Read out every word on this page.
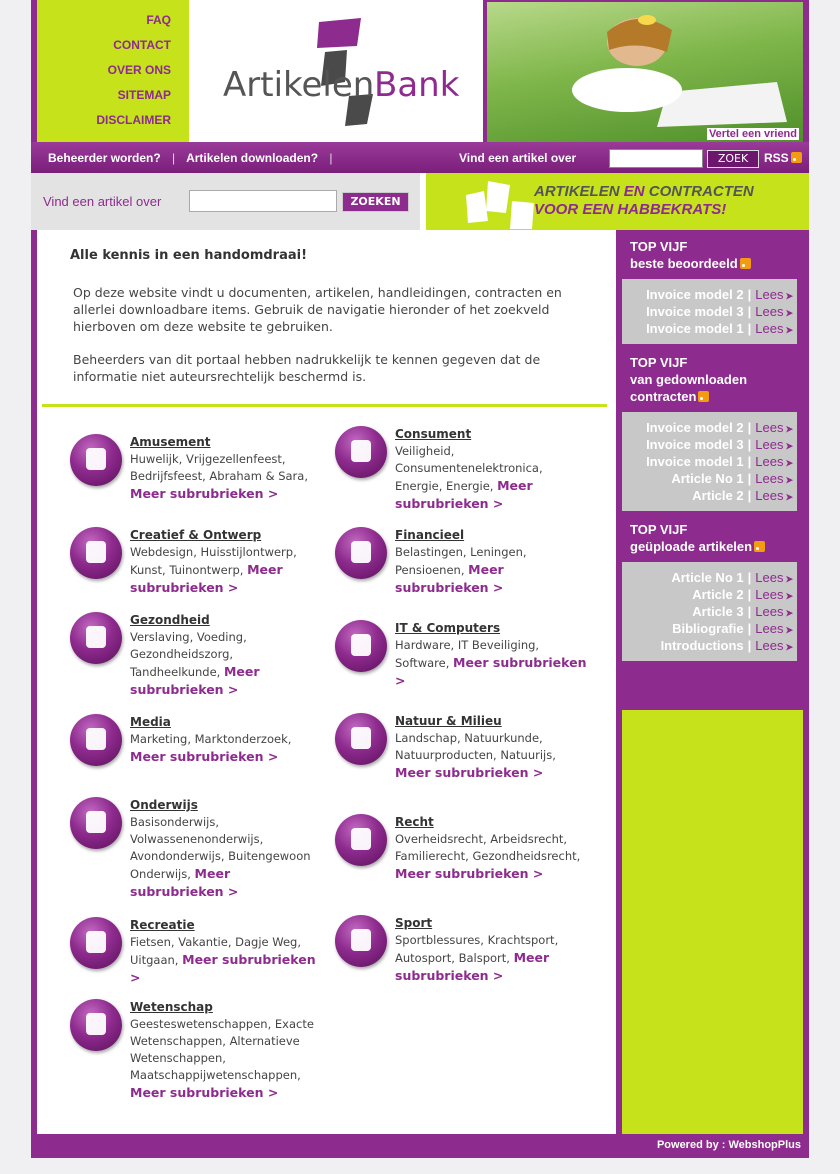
FAQ
CONTACT
OVER ONS
SITEMAP
DISCLAIMER
Artikelen Bank
Vertel een vriend
Beheerder worden? | Artikelen downloaden? |	Vind een artikel over	ZOEK	RSS
Vind een artikel over	ZOEKEN
ARTIKELEN EN CONTRACTEN
VOOR EEN HABBEKRATS!
Alle kennis in een handomdraai!

Op deze website vindt u documenten, artikelen, handleidingen, contracten en allerlei downloadbare items. Gebruik de navigatie hieronder of het zoekveld hierboven om deze website te gebruiken.

Beheerders van dit portaal hebben nadrukkelijk te kennen gegeven dat de informatie niet auteursrechtelijk beschermd is.

Amusement
Huwelijk, Vrijgezellenfeest, Bedrijfsfeest, Abraham & Sara, Meer subrubrieken >
Consument
Veiligheid, Consumentenelektronica, Energie, Energie, Meer subrubrieken >
Creatief & Ontwerp
Webdesign, Huisstijlontwerp, Kunst, Tuinontwerp, Meer subrubrieken >
Financieel
Belastingen, Leningen, Pensioenen, Meer subrubrieken >
Gezondheid
Verslaving, Voeding, Gezondheidszorg, Tandheelkunde, Meer subrubrieken >
IT & Computers
Hardware, IT Beveiliging, Software, Meer subrubrieken >
Media
Marketing, Marktonderzoek, Meer subrubrieken >
Natuur & Milieu
Landschap, Natuurkunde, Natuurproducten, Natuurijs, Meer subrubrieken >
Onderwijs
Basisonderwijs, Volwassenenonderwijs, Avondonderwijs, Buitengewoon Onderwijs, Meer subrubrieken >
Recht
Overheidsrecht, Arbeidsrecht, Familierecht, Gezondheidsrecht, Meer subrubrieken >
Recreatie
Fietsen, Vakantie, Dagje Weg, Uitgaan, Meer subrubrieken >
Sport
Sportblessures, Krachtsport, Autosport, Balsport, Meer subrubrieken >
Wetenschap
Geesteswetenschappen, Exacte Wetenschappen, Alternatieve Wetenschappen, Maatschappijwetenschappen, Meer subrubrieken >
TOP VIJF
beste beoordeeld
Invoice model 2 | Lees ➤
Invoice model 3 | Lees ➤
Invoice model 1 | Lees ➤
TOP VIJF
van gedownloaden
contracten
Invoice model 2 | Lees ➤
Invoice model 3 | Lees ➤
Invoice model 1 | Lees ➤
Article No 1 | Lees ➤
Article 2 | Lees ➤
TOP VIJF
geüploade artikelen
Article No 1 | Lees ➤
Article 2 | Lees ➤
Article 3 | Lees ➤
Bibliografie | Lees ➤
Introductions | Lees ➤
Powered by : WebshopPlus
